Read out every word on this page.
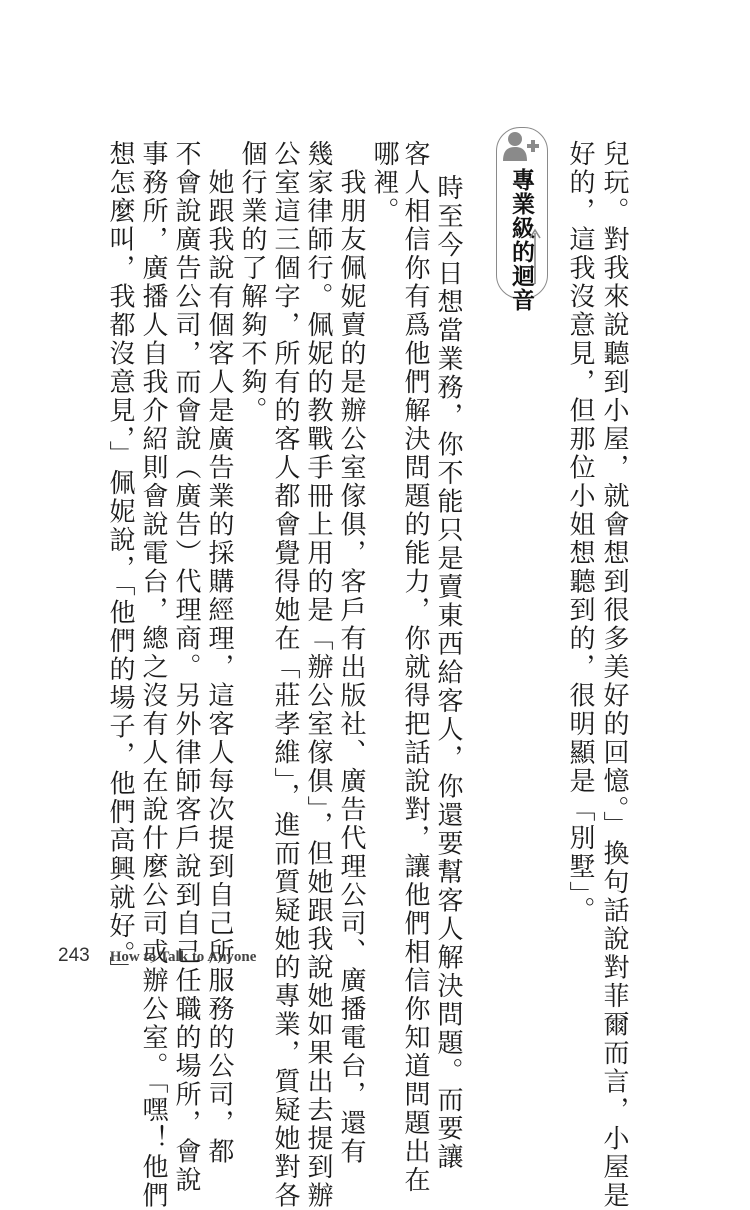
兒玩。對我來說聽到小屋，就會想到很多美好的回憶。」換句話說對菲爾而言，小屋是
好的，這我沒意見，但那位小姐想聽到的，很明顯是「別墅」。
專業級的迴音
時至今日想當業務，你不能只是賣東西給客人，你還要幫客人解決問題。而要讓
客人相信你有爲他們解決問題的能力，你就得把話說對，讓他們相信你知道問題出在
哪裡。
　我朋友佩妮賣的是辦公室傢俱，客戶有出版社、廣告代理公司、廣播電台，還有
幾家律師行。佩妮的教戰手冊上用的是「辦公室傢俱」，但她跟我說她如果出去提到辦
公室這三個字，所有的客人都會覺得她在「莊孝維」，進而質疑她的專業，質疑她對各
個行業的了解夠不夠。
　她跟我說有個客人是廣告業的採購經理，這客人每次提到自己所服務的公司，都
不會說廣告公司，而會說（廣告）代理商。另外律師客戶說到自己任職的場所，會說
事務所，廣播人自我介紹則會說電台，總之沒有人在說什麼公司或辦公室。「嘿！他們
想怎麼叫，我都沒意見，」佩妮說，「他們的場子，他們高興就好。」
243 How to Talk to Anyone
